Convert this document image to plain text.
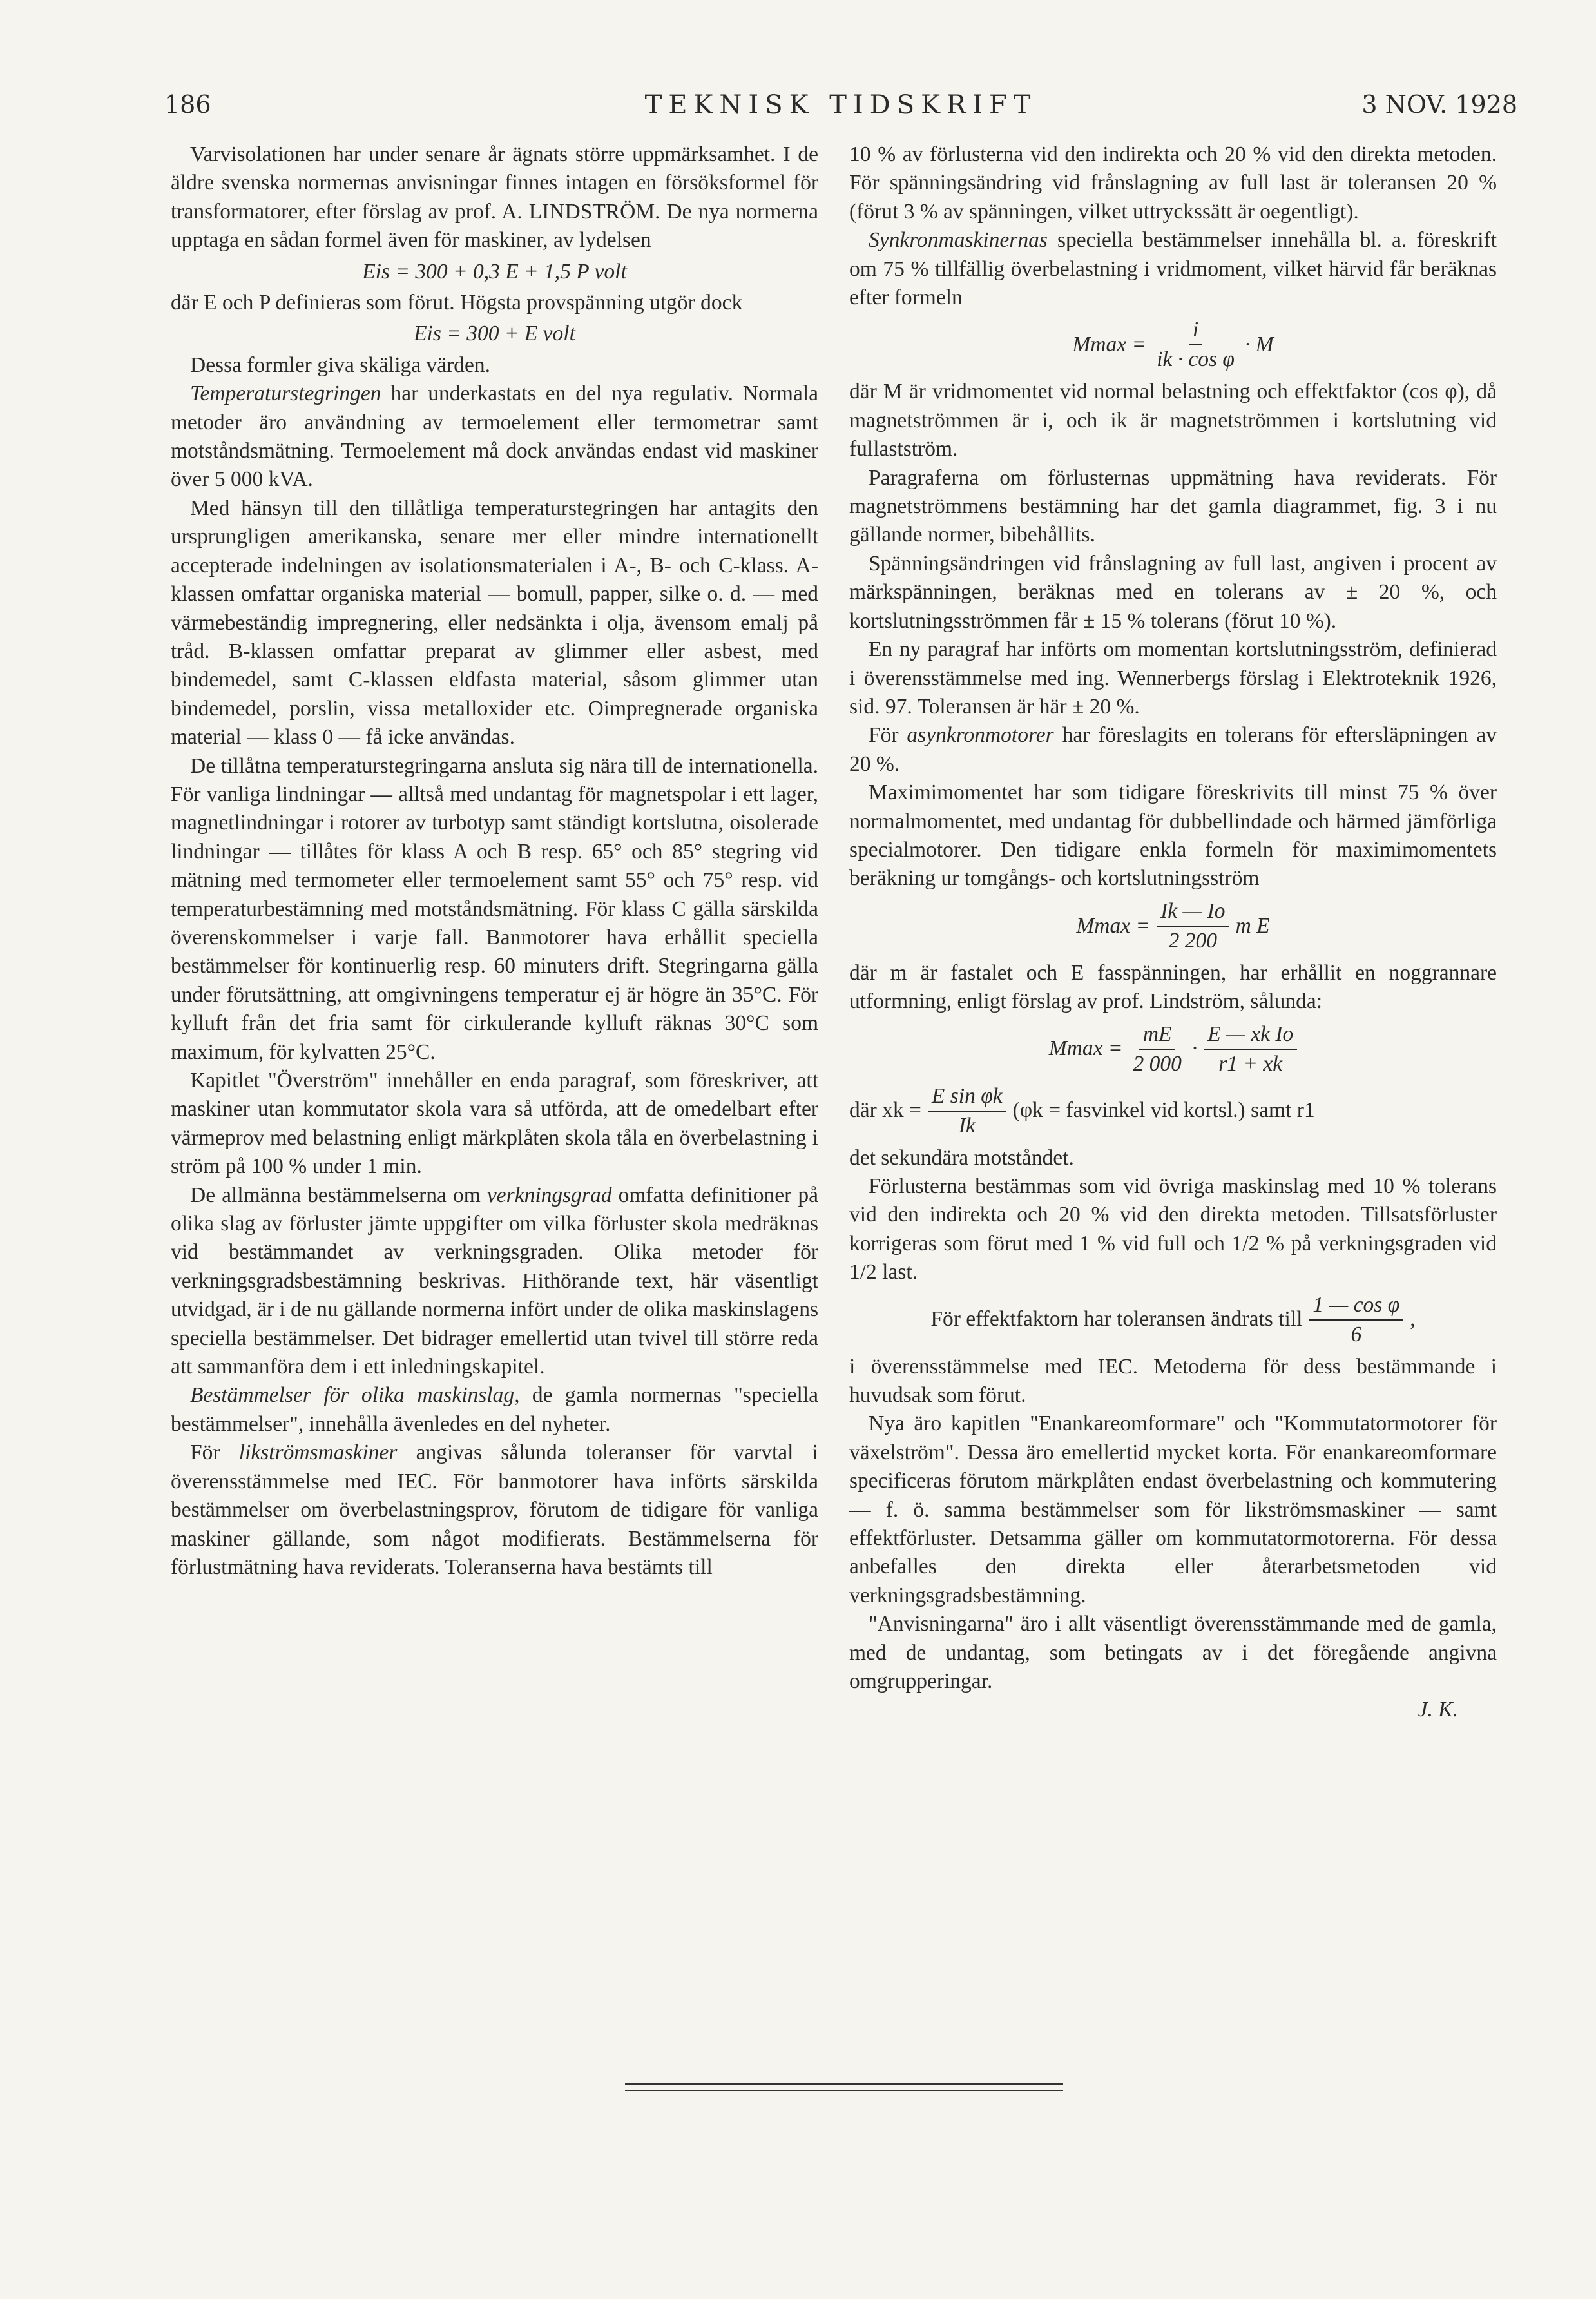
186	TEKNISK TIDSKRIFT	3 NOV. 1928

Varvisolationen har under senare år ägnats större uppmärksamhet. I de äldre svenska normernas anvisningar finnes intagen en försöksformel för transformatorer, efter förslag av prof. A. LINDSTRÖM. De nya normerna upptaga en sådan formel även för maskiner, av lydelsen

Eis = 300 + 0,3 E + 1,5 P volt

där E och P definieras som förut. Högsta provspänning utgör dock

Eis = 300 + E volt

Dessa formler giva skäliga värden.

Temperaturstegringen har underkastats en del nya regulativ. Normala metoder äro användning av termoelement eller termometrar samt motståndsmätning. Termoelement må dock användas endast vid maskiner över 5 000 kVA.

Med hänsyn till den tillåtliga temperaturstegringen har antagits den ursprungligen amerikanska, senare mer eller mindre internationellt accepterade indelningen av isolationsmaterialen i A-, B- och C-klass. A-klassen omfattar organiska material — bomull, papper, silke o. d. — med värmebeständig impregnering, eller nedsänkta i olja, ävensom emalj på tråd. B-klassen omfattar preparat av glimmer eller asbest, med bindemedel, samt C-klassen eldfasta material, såsom glimmer utan bindemedel, porslin, vissa metalloxider etc. Oimpregnerade organiska material — klass 0 — få icke användas.

De tillåtna temperaturstegringarna ansluta sig nära till de internationella. För vanliga lindningar — alltså med undantag för magnetspolar i ett lager, magnetlindningar i rotorer av turbotyp samt ständigt kortslutna, oisolerade lindningar — tillåtes för klass A och B resp. 65° och 85° stegring vid mätning med termometer eller termoelement samt 55° och 75° resp. vid temperaturbestämning med motståndsmätning. För klass C gälla särskilda överenskommelser i varje fall. Banmotorer hava erhållit speciella bestämmelser för kontinuerlig resp. 60 minuters drift. Stegringarna gälla under förutsättning, att omgivningens temperatur ej är högre än 35°C. För kylluft från det fria samt för cirkulerande kylluft räknas 30°C som maximum, för kylvatten 25°C.

Kapitlet "Överström" innehåller en enda paragraf, som föreskriver, att maskiner utan kommutator skola vara så utförda, att de omedelbart efter värmeprov med belastning enligt märkplåten skola tåla en överbelastning i ström på 100 % under 1 min.

De allmänna bestämmelserna om verkningsgrad omfatta definitioner på olika slag av förluster jämte uppgifter om vilka förluster skola medräknas vid bestämmandet av verkningsgraden. Olika metoder för verkningsgradsbestämning beskrivas. Hithörande text, här väsentligt utvidgad, är i de nu gällande normerna infört under de olika maskinslagens speciella bestämmelser. Det bidrager emellertid utan tvivel till större reda att sammanföra dem i ett inledningskapitel.

Bestämmelser för olika maskinslag, de gamla normernas "speciella bestämmelser", innehålla ävenledes en del nyheter.

För likströmsmaskiner angivas sålunda toleranser för varvtal i överensstämmelse med IEC. För banmotorer hava införts särskilda bestämmelser om överbelastningsprov, förutom de tidigare för vanliga maskiner gällande, som något modifierats. Bestämmelserna för förlustmätning hava reviderats. Toleranserna hava bestämts till

10 % av förlusterna vid den indirekta och 20 % vid den direkta metoden. För spänningsändring vid frånslagning av full last är toleransen 20 % (förut 3 % av spänningen, vilket uttryckssätt är oegentligt).

Synkronmaskinernas speciella bestämmelser innehålla bl. a. föreskrift om 75 % tillfällig överbelastning i vridmoment, vilket härvid får beräknas efter formeln

$Mmax = \frac{i}{\text{ik · cos φ}} \cdot M$

där M är vridmomentet vid normal belastning och effektfaktor (cos φ), då magnetströmmen är i, och ik är magnetströmmen i kortslutning vid fullastström.

Paragraferna om förlusternas uppmätning hava reviderats. För magnetströmmens bestämning har det gamla diagrammet, fig. 3 i nu gällande normer, bibehållits.

Spänningsändringen vid frånslagning av full last, angiven i procent av märkspänningen, beräknas med en tolerans av ± 20 %, och kortslutningsströmmen får ± 15 % tolerans (förut 10 %).

En ny paragraf har införts om momentan kortslutningsström, definierad i överensstämmelse med ing. Wennerbergs förslag i Elektroteknik 1926, sid. 97. Toleransen är här ± 20 %.

För asynkronmotorer har föreslagits en tolerans för eftersläpningen av 20 %.

Maximimomentet har som tidigare föreskrivits till minst 75 % över normalmomentet, med undantag för dubbellindade och härmed jämförliga specialmotorer. Den tidigare enkla formeln för maximimomentets beräkning ur tomgångs- och kortslutningsström

$Mmax = \frac{Ik — Io}{2 200}$ m E

där m är fastalet och E fasspänningen, har erhållit en noggrannare utformning, enligt förslag av prof. Lindström, sålunda:

$Mmax = \frac{mE}{2 000} \cdot \frac{\text{E — xk Io}}{r1 + xk}$
där xk = $\frac{\text{E sin φk}}{Ik} (\varphi k$ = fasvinkel vid kortsl.) samt r1

det sekundära motståndet.

Förlusterna bestämmas som vid övriga maskinslag med 10 % tolerans vid den indirekta och 20 % vid den direkta metoden. Tillsatsförluster korrigeras som förut med 1 % vid full och 1/2 % på verkningsgraden vid 1/2 last.

För effektfaktorn har toleransen ändrats till $\frac{\text{1 — cos φ}}{6}$ ,

i överensstämmelse med IEC. Metoderna för dess bestämmande i huvudsak som förut.

Nya äro kapitlen "Enankareomformare" och "Kommutatormotorer för växelström". Dessa äro emellertid mycket korta. För enankareomformare specificeras förutom märkplåten endast överbelastning och kommutering — f. ö. samma bestämmelser som för likströmsmaskiner — samt effektförluster. Detsamma gäller om kommutatormotorerna. För dessa anbefalles den direkta eller återarbetsmetoden vid verkningsgradsbestämning.

"Anvisningarna" äro i allt väsentligt överensstämmande med de gamla, med de undantag, som betingats av i det föregående angivna omgrupperingar.

J. K.
